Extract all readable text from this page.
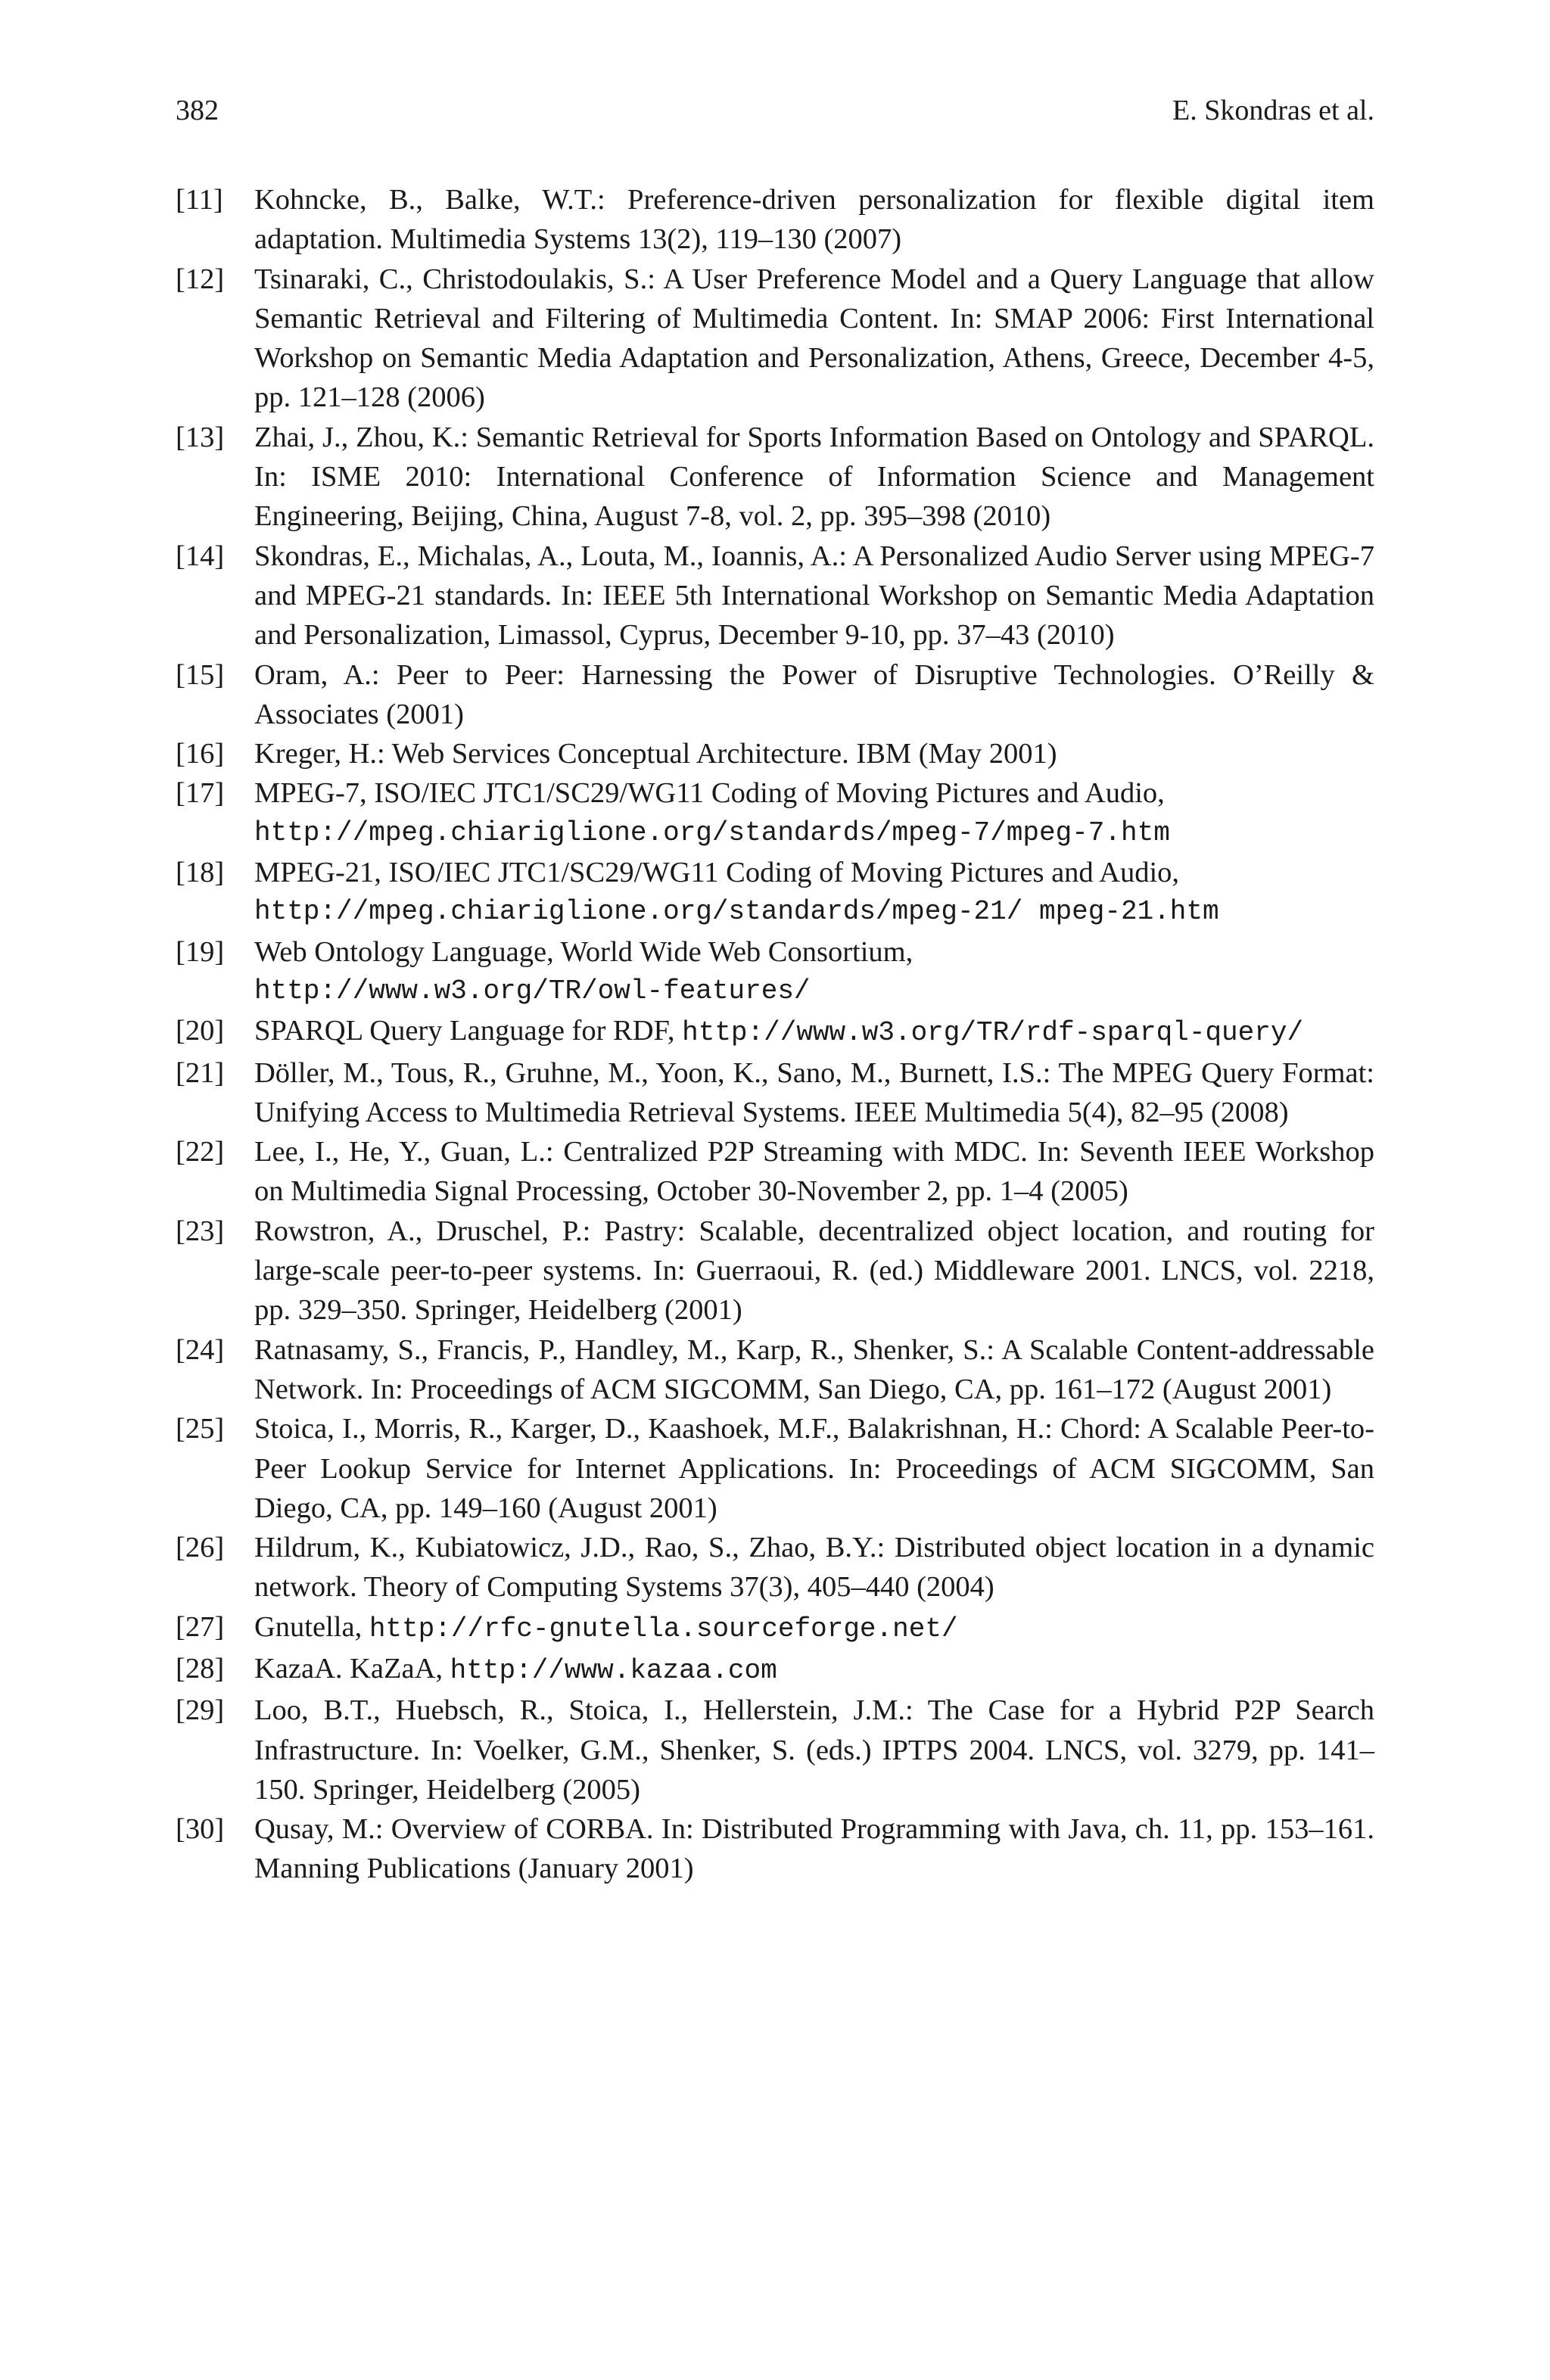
382	E. Skondras et al.
[11] Kohncke, B., Balke, W.T.: Preference-driven personalization for flexible digital item adaptation. Multimedia Systems 13(2), 119–130 (2007)
[12] Tsinaraki, C., Christodoulakis, S.: A User Preference Model and a Query Language that allow Semantic Retrieval and Filtering of Multimedia Content. In: SMAP 2006: First International Workshop on Semantic Media Adaptation and Personalization, Athens, Greece, December 4-5, pp. 121–128 (2006)
[13] Zhai, J., Zhou, K.: Semantic Retrieval for Sports Information Based on Ontology and SPARQL. In: ISME 2010: International Conference of Information Science and Management Engineering, Beijing, China, August 7-8, vol. 2, pp. 395–398 (2010)
[14] Skondras, E., Michalas, A., Louta, M., Ioannis, A.: A Personalized Audio Server using MPEG-7 and MPEG-21 standards. In: IEEE 5th International Workshop on Semantic Media Adaptation and Personalization, Limassol, Cyprus, December 9-10, pp. 37–43 (2010)
[15] Oram, A.: Peer to Peer: Harnessing the Power of Disruptive Technologies. O’Reilly & Associates (2001)
[16] Kreger, H.: Web Services Conceptual Architecture. IBM (May 2001)
[17] MPEG-7, ISO/IEC JTC1/SC29/WG11 Coding of Moving Pictures and Audio,
http://mpeg.chiariglione.org/standards/mpeg-7/mpeg-7.htm
[18] MPEG-21, ISO/IEC JTC1/SC29/WG11 Coding of Moving Pictures and Audio,
http://mpeg.chiariglione.org/standards/mpeg-21/ mpeg-21.htm
[19] Web Ontology Language, World Wide Web Consortium,
http://www.w3.org/TR/owl-features/
[20] SPARQL Query Language for RDF, http://www.w3.org/TR/rdf-sparql-query/
[21] Döller, M., Tous, R., Gruhne, M., Yoon, K., Sano, M., Burnett, I.S.: The MPEG Query Format: Unifying Access to Multimedia Retrieval Systems. IEEE Multimedia 5(4), 82–95 (2008)
[22] Lee, I., He, Y., Guan, L.: Centralized P2P Streaming with MDC. In: Seventh IEEE Workshop on Multimedia Signal Processing, October 30-November 2, pp. 1–4 (2005)
[23] Rowstron, A., Druschel, P.: Pastry: Scalable, decentralized object location, and routing for large-scale peer-to-peer systems. In: Guerraoui, R. (ed.) Middleware 2001. LNCS, vol. 2218, pp. 329–350. Springer, Heidelberg (2001)
[24] Ratnasamy, S., Francis, P., Handley, M., Karp, R., Shenker, S.: A Scalable Content-addressable Network. In: Proceedings of ACM SIGCOMM, San Diego, CA, pp. 161–172 (August 2001)
[25] Stoica, I., Morris, R., Karger, D., Kaashoek, M.F., Balakrishnan, H.: Chord: A Scalable Peer-to-Peer Lookup Service for Internet Applications. In: Proceedings of ACM SIGCOMM, San Diego, CA, pp. 149–160 (August 2001)
[26] Hildrum, K., Kubiatowicz, J.D., Rao, S., Zhao, B.Y.: Distributed object location in a dynamic network. Theory of Computing Systems 37(3), 405–440 (2004)
[27] Gnutella, http://rfc-gnutella.sourceforge.net/
[28] KazaA. KaZaA, http://www.kazaa.com
[29] Loo, B.T., Huebsch, R., Stoica, I., Hellerstein, J.M.: The Case for a Hybrid P2P Search Infrastructure. In: Voelker, G.M., Shenker, S. (eds.) IPTPS 2004. LNCS, vol. 3279, pp. 141–150. Springer, Heidelberg (2005)
[30] Qusay, M.: Overview of CORBA. In: Distributed Programming with Java, ch. 11, pp. 153–161. Manning Publications (January 2001)
